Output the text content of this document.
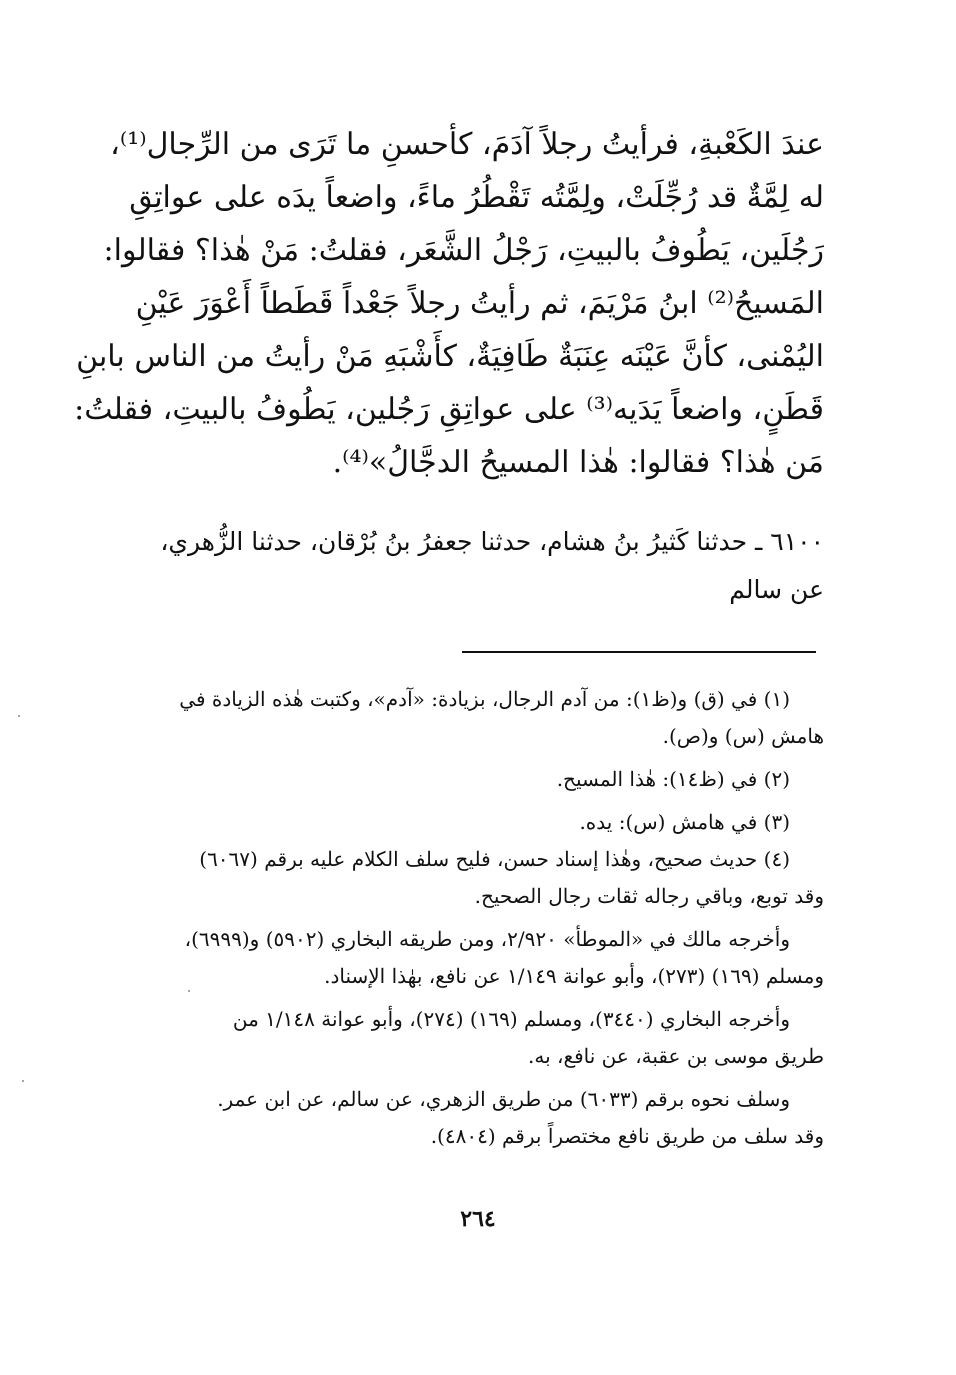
عندَ الكَعْبةِ، فرأيتُ رجلاً آدَمَ، كأحسنِ ما تَرَى من الرِّجال⁽¹⁾،
له لِمَّةٌ قد رُجِّلَتْ، ولِمَّتُه تَقْطُرُ ماءً، واضعاً يدَه على عواتِقِ
رَجُلَين، يَطُوفُ بالبيتِ، رَجْلُ الشَّعَر، فقلتُ: مَنْ هٰذا؟ فقالوا:
المَسيحُ⁽²⁾ ابنُ مَرْيَمَ، ثم رأيتُ رجلاً جَعْداً قَطَطاً أَعْوَرَ عَيْنِ
اليُمْنى، كأنَّ عَيْنَه عِنَبَةٌ طَافِيَةٌ، كأَشْبَهِ مَنْ رأيتُ من الناس بابنِ
قَطَنٍ، واضعاً يَدَيه⁽³⁾ على عواتِقِ رَجُلين، يَطُوفُ بالبيتِ، فقلتُ:
مَن هٰذا؟ فقالوا: هٰذا المسيحُ الدجَّالُ»⁽⁴⁾.
٦١٠٠ ـ حدثنا كَثيرُ بنُ هشام، حدثنا جعفرُ بنُ بُرْقان، حدثنا الزُّهري،
عن سالم
(١) في (ق) و(ظ١): من آدم الرجال، بزيادة: «آدم»، وكتبت هٰذه الزيادة في
هامش (س) و(ص).
(٢) في (ظ١٤): هٰذا المسيح.
(٣) في هامش (س): يده.
(٤) حديث صحيح، وهٰذا إسناد حسن، فليح سلف الكلام عليه برقم (٦٠٦٧)
وقد توبع، وباقي رجاله ثقات رجال الصحيح.
وأخرجه مالك في «الموطأ» ٢/٩٢٠، ومن طريقه البخاري (٥٩٠٢) و(٦٩٩٩)،
ومسلم (١٦٩) (٢٧٣)، وأبو عوانة ١/١٤٩ عن نافع، بهٰذا الإسناد.
وأخرجه البخاري (٣٤٤٠)، ومسلم (١٦٩) (٢٧٤)، وأبو عوانة ١/١٤٨ من
طريق موسى بن عقبة، عن نافع، به.
وسلف نحوه برقم (٦٠٣٣) من طريق الزهري، عن سالم، عن ابن عمر.
وقد سلف من طريق نافع مختصراً برقم (٤٨٠٤).
٢٦٤
